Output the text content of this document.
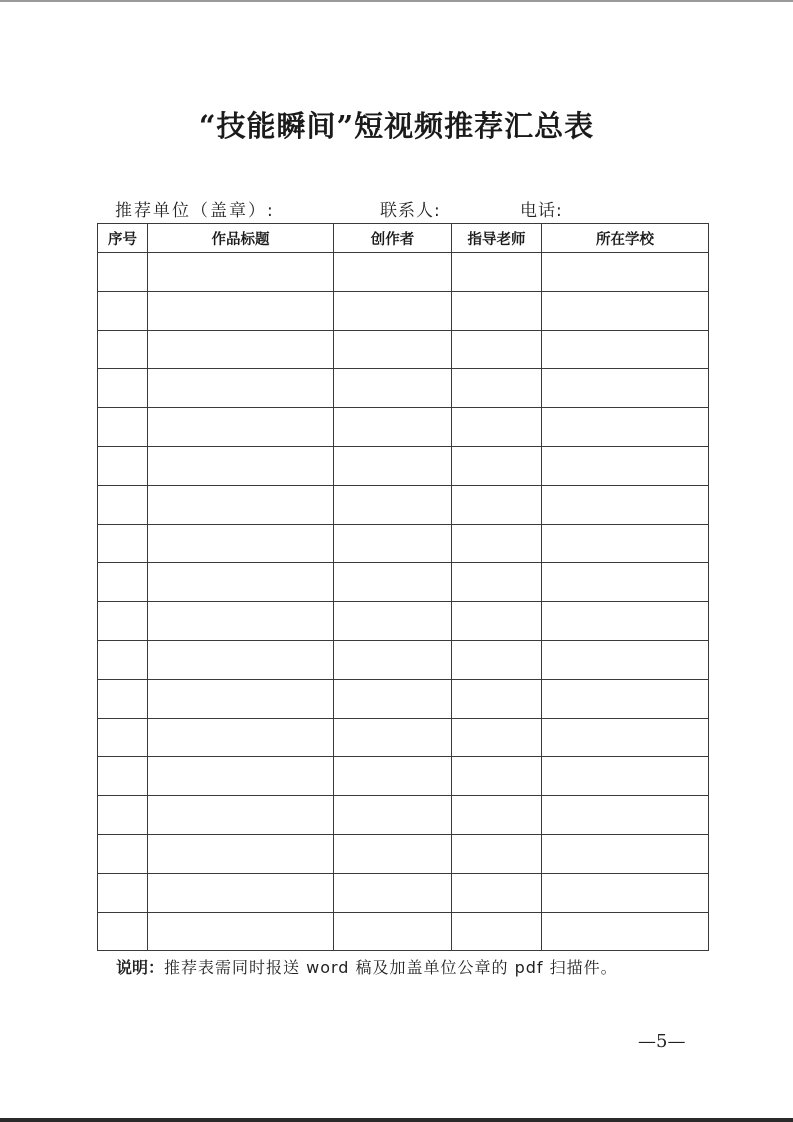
“技能瞬间”短视频推荐汇总表
推荐单位（盖章）:	联系人:	电话:
序号	作品标题	创作者	指导老师	所在学校

说明：推荐表需同时报送 word 稿及加盖单位公章的 pdf 扫描件。
—5—
